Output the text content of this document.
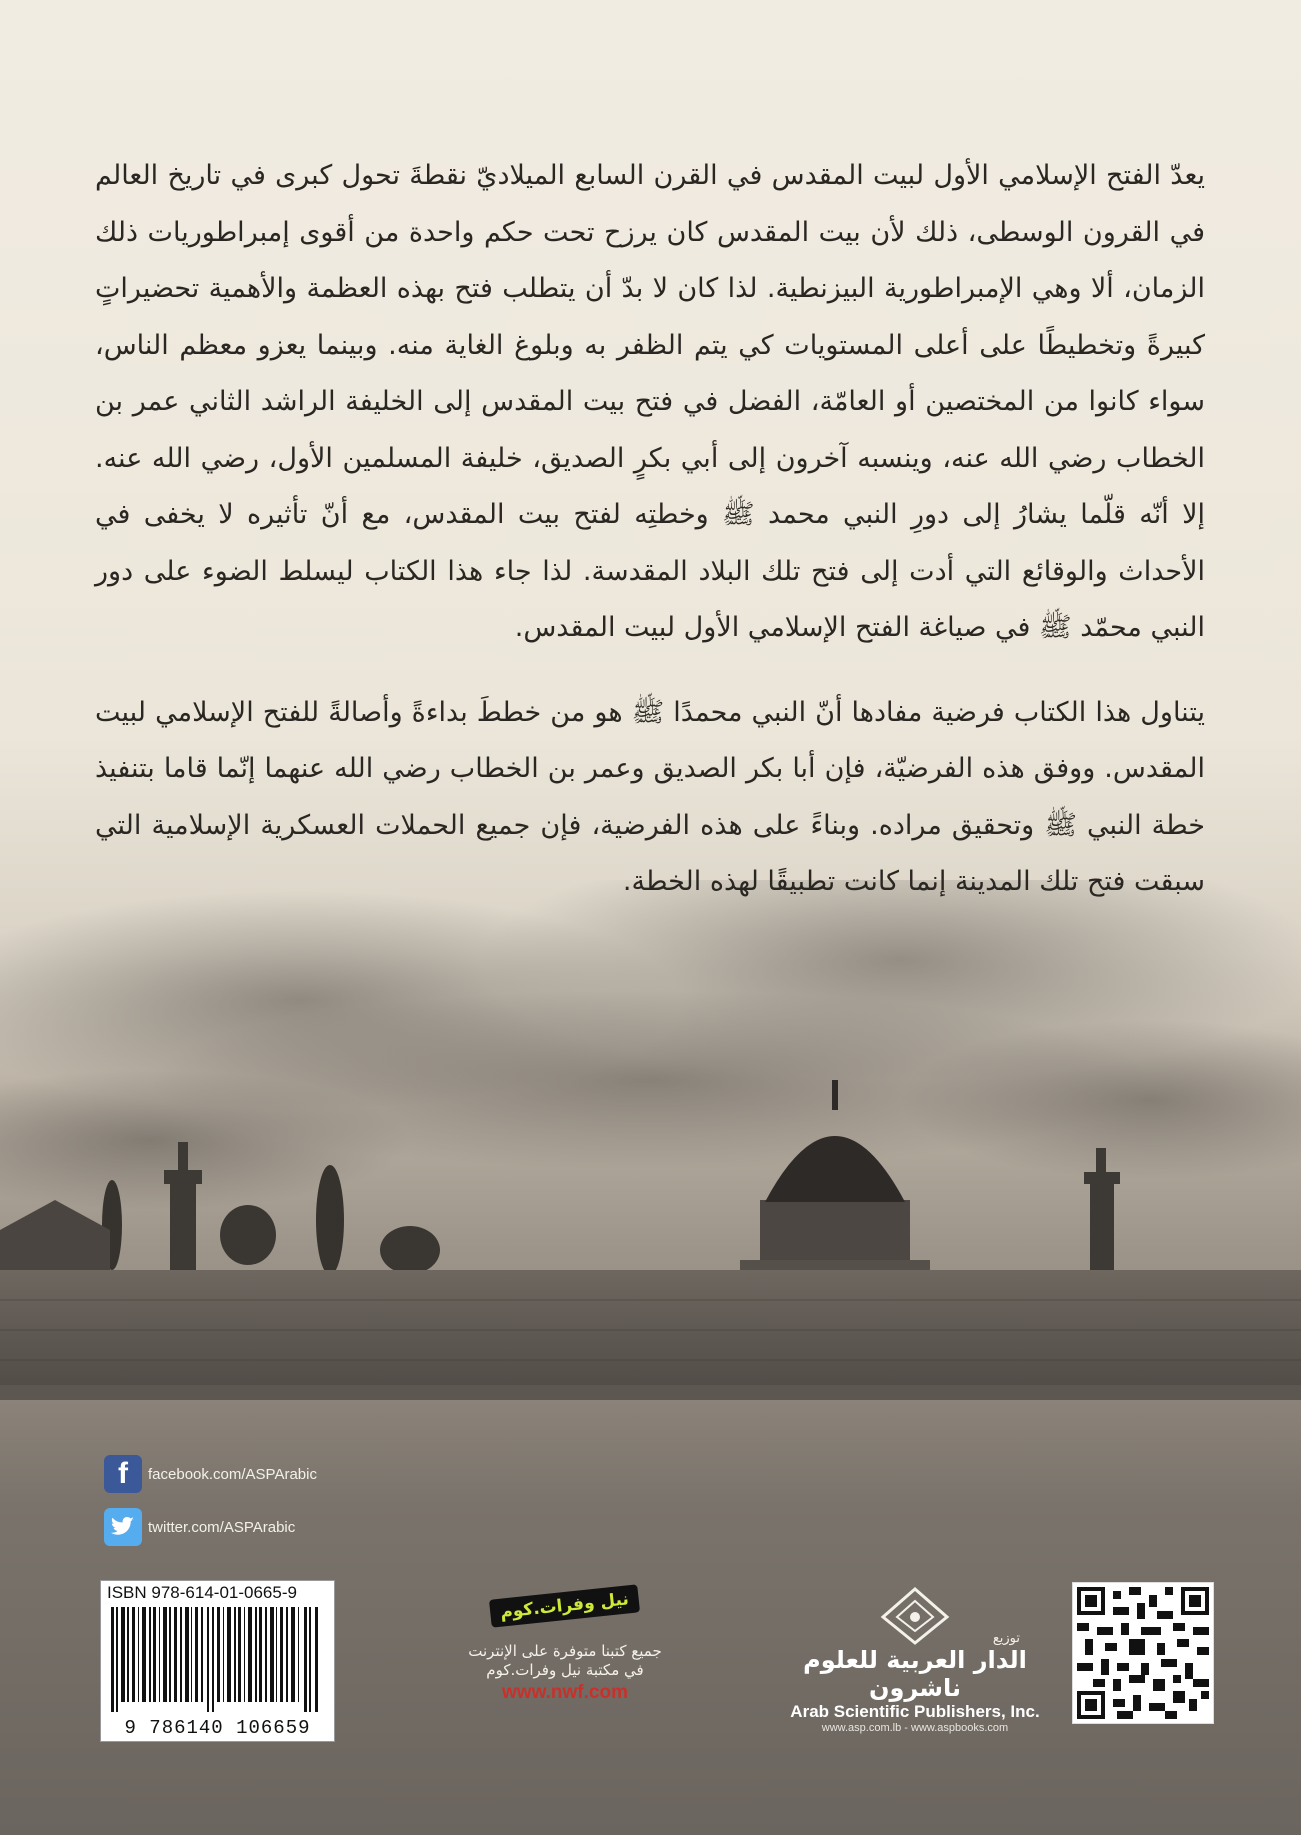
يعدّ الفتح الإسلامي الأول لبيت المقدس في القرن السابع الميلاديّ نقطةَ تحول كبرى في تاريخ العالم في القرون الوسطى، ذلك لأن بيت المقدس كان يرزح تحت حكم واحدة من أقوى إمبراطوريات ذلك الزمان، ألا وهي الإمبراطورية البيزنطية. لذا كان لا بدّ أن يتطلب فتح بهذه العظمة والأهمية تحضيراتٍ كبيرةً وتخطيطًا على أعلى المستويات كي يتم الظفر به وبلوغ الغاية منه. وبينما يعزو معظم الناس، سواء كانوا من المختصين أو العامّة، الفضل في فتح بيت المقدس إلى الخليفة الراشد الثاني عمر بن الخطاب رضي الله عنه، وينسبه آخرون إلى أبي بكرٍ الصديق، خليفة المسلمين الأول، رضي الله عنه. إلا أنّه قلّما يشارُ إلى دورِ النبي محمد ﷺ وخطتِه لفتح بيت المقدس، مع أنّ تأثيره لا يخفى في الأحداث والوقائع التي أدت إلى فتح تلك البلاد المقدسة. لذا جاء هذا الكتاب ليسلط الضوء على دور النبي محمّد ﷺ في صياغة الفتح الإسلامي الأول لبيت المقدس.

يتناول هذا الكتاب فرضية مفادها أنّ النبي محمدًا ﷺ هو من خططَ بداءةً وأصالةً للفتح الإسلامي لبيت المقدس. ووفق هذه الفرضيّة، فإن أبا بكر الصديق وعمر بن الخطاب رضي الله عنهما إنّما قاما بتنفيذ خطة النبي ﷺ وتحقيق مراده. وبناءً على هذه الفرضية، فإن جميع الحملات العسكرية الإسلامية التي سبقت فتح تلك المدينة إنما كانت تطبيقًا لهذه الخطة.

f	facebook.com/ASPArabic
twitter.com/ASPArabic
ISBN 978-614-01-0665-9
9 786140 106659
نيل وفرات.كوم
جميع كتبنا متوفرة على الإنترنت
في مكتبة نيل وفرات.كوم
www.nwf.com
توزيع
الدار العربية للعلوم ناشرون
Arab Scientific Publishers, Inc.
www.asp.com.lb - www.aspbooks.com
